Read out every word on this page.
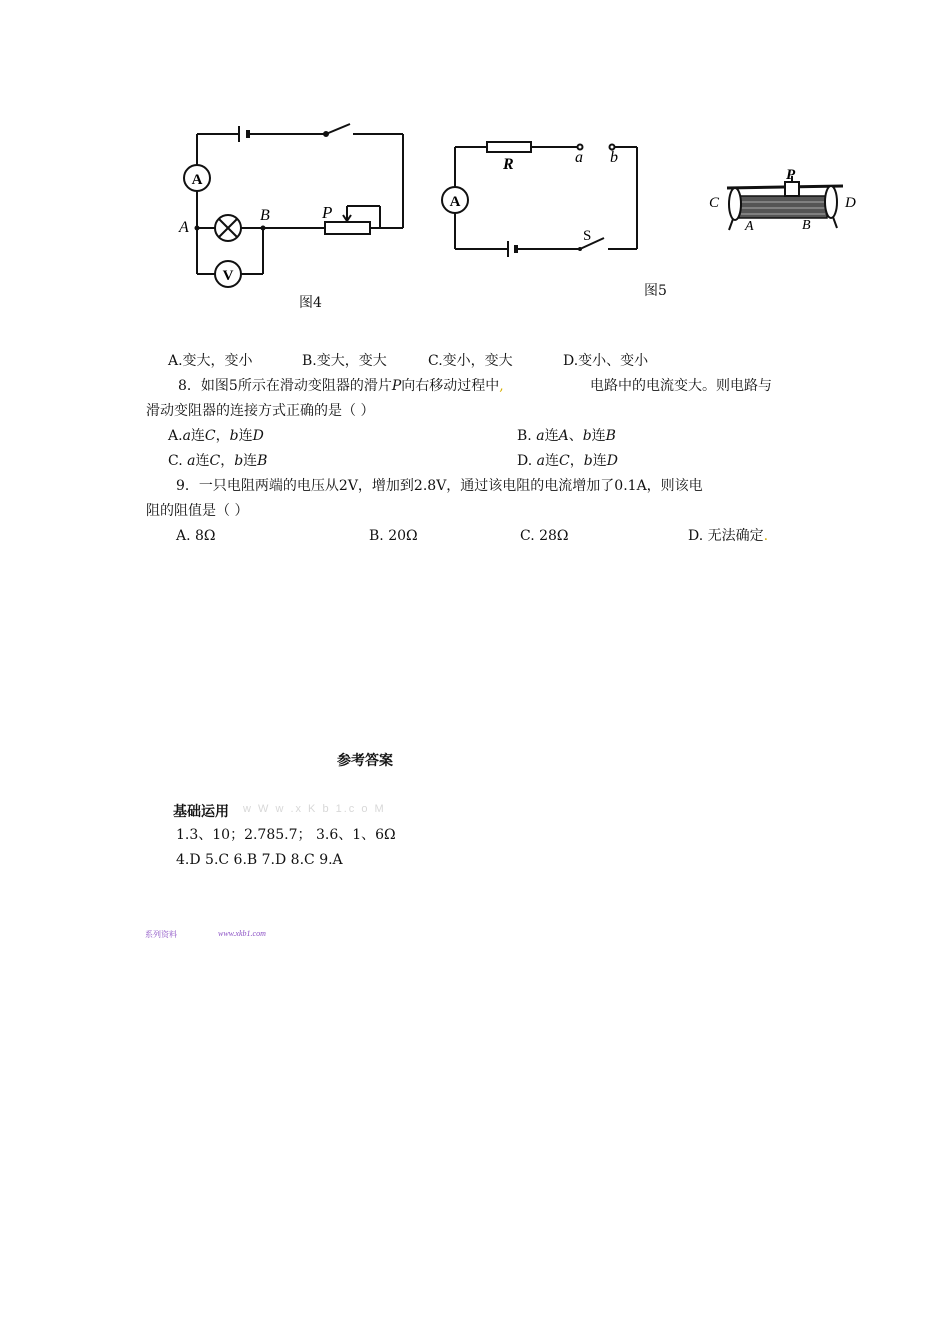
A
V
A
B	P
图4
R	a b
A
S
图5
P
C	D
A	B
A.变大，变小	B.变大，变大	C.变小，变大	D.变小、变小
8．如图5所示在滑动变阻器的滑片P向右移动过程中,	电路中的电流变大。则电路与
滑动变阻器的连接方式正确的是（ ）
A.a连C，b连D	B. a连A、b连B
C. a连C，b连B	D. a连C，b连D
9．一只电阻两端的电压从2V，增加到2.8V，通过该电阻的电流增加了0.1A，则该电
阻的阻值是（ ）
A. 8Ω	B. 20Ω	C. 28Ω	D. 无法确定.
参考答案
基础运用 w W w .x K b 1.c o M
1.3、10；2.785.7； 3.6、1、6Ω
4.D 5.C 6.B 7.D 8.C 9.A
系列资料	www.xkb1.com
